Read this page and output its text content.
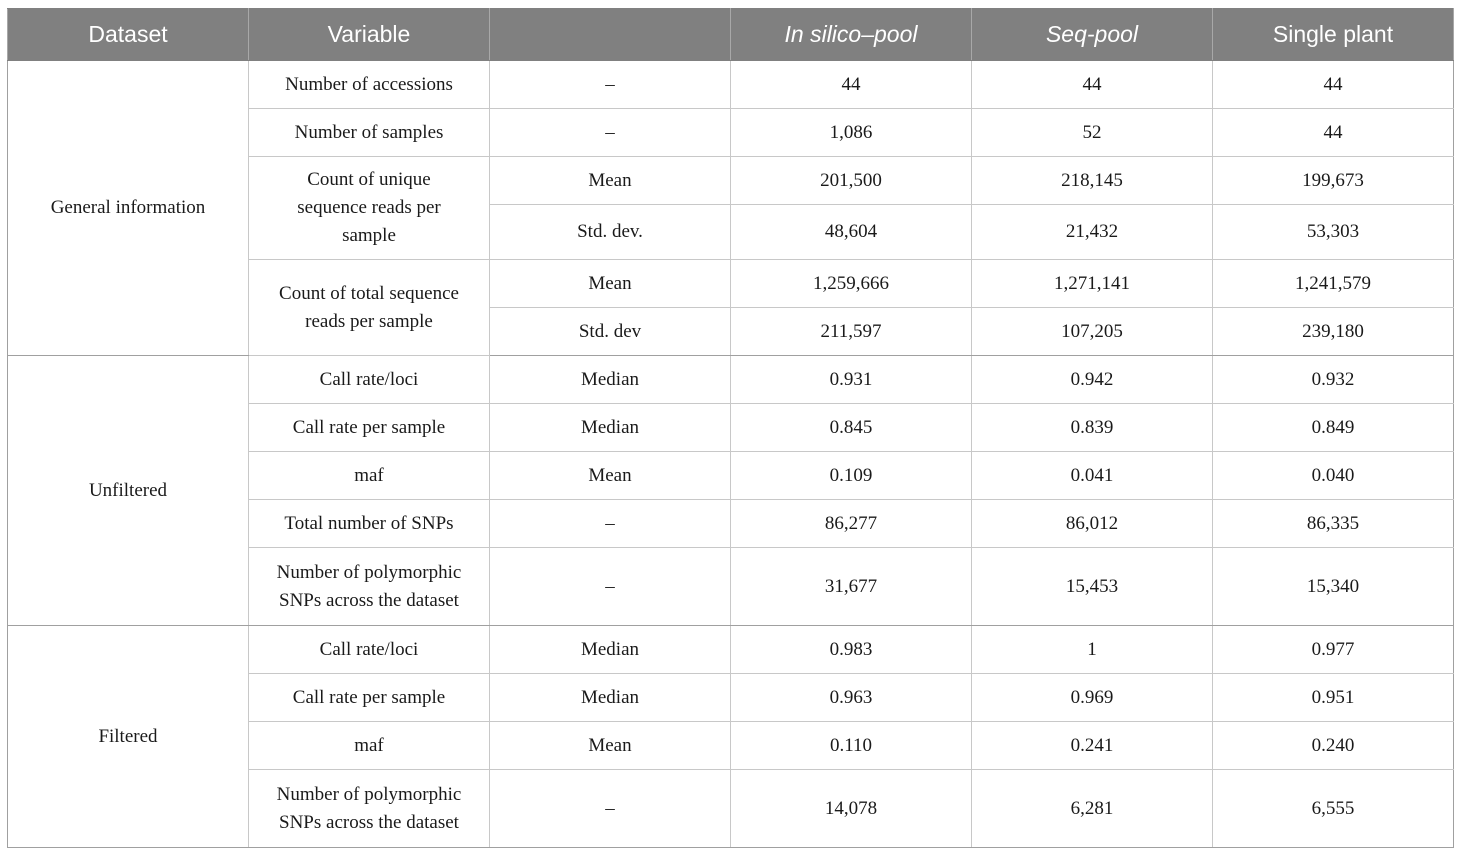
Dataset	Variable		In silico–pool	Seq-pool	Single plant
General information	Number of accessions	–	44	44	44
	Number of samples	–	1,086	52	44
	Count of unique sequence reads per sample	Mean	201,500	218,145	199,673
		Std. dev.	48,604	21,432	53,303
	Count of total sequence reads per sample	Mean	1,259,666	1,271,141	1,241,579
		Std. dev	211,597	107,205	239,180
Unfiltered	Call rate/loci	Median	0.931	0.942	0.932
	Call rate per sample	Median	0.845	0.839	0.849
	maf	Mean	0.109	0.041	0.040
	Total number of SNPs	–	86,277	86,012	86,335
	Number of polymorphic SNPs across the dataset	–	31,677	15,453	15,340
Filtered	Call rate/loci	Median	0.983	1	0.977
	Call rate per sample	Median	0.963	0.969	0.951
	maf	Mean	0.110	0.241	0.240
	Number of polymorphic SNPs across the dataset	–	14,078	6,281	6,555
